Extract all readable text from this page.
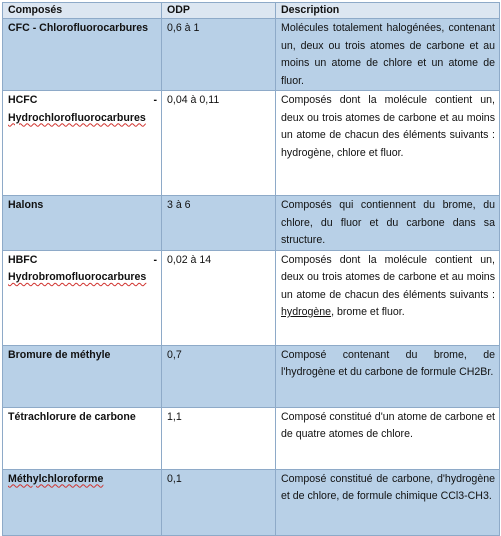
Composés	ODP	Description
CFC - Chlorofluorocarbures	0,6 à 1	Molécules totalement halogénées, contenant un, deux ou trois atomes de carbone et au moins un atome de chlore et un atome de fluor.

HCFC -
Hydrochlorofluorocarbures	0,04 à 0,11	Composés dont la molécule contient un, deux ou trois atomes de carbone et au moins un atome de chacun des éléments suivants : hydrogène, chlore et fluor.
Halons	3 à 6	Composés qui contiennent du brome, du chlore, du fluor et du carbone dans sa structure.

HBFC -
Hydrobromofluorocarbures	0,02 à 14	Composés dont la molécule contient un, deux ou trois atomes de carbone et au moins un atome de chacun des éléments suivants : hydrogène, brome et fluor.
Bromure de méthyle	0,7	Composé contenant du brome, de l'hydrogène et du carbone de formule CH2Br.
Tétrachlorure de carbone	1,1	Composé constitué d'un atome de carbone et de quatre atomes de chlore.
Méthylchloroforme	0,1	Composé constitué de carbone, d'hydrogène et de chlore, de formule chimique CCl3-CH3.
